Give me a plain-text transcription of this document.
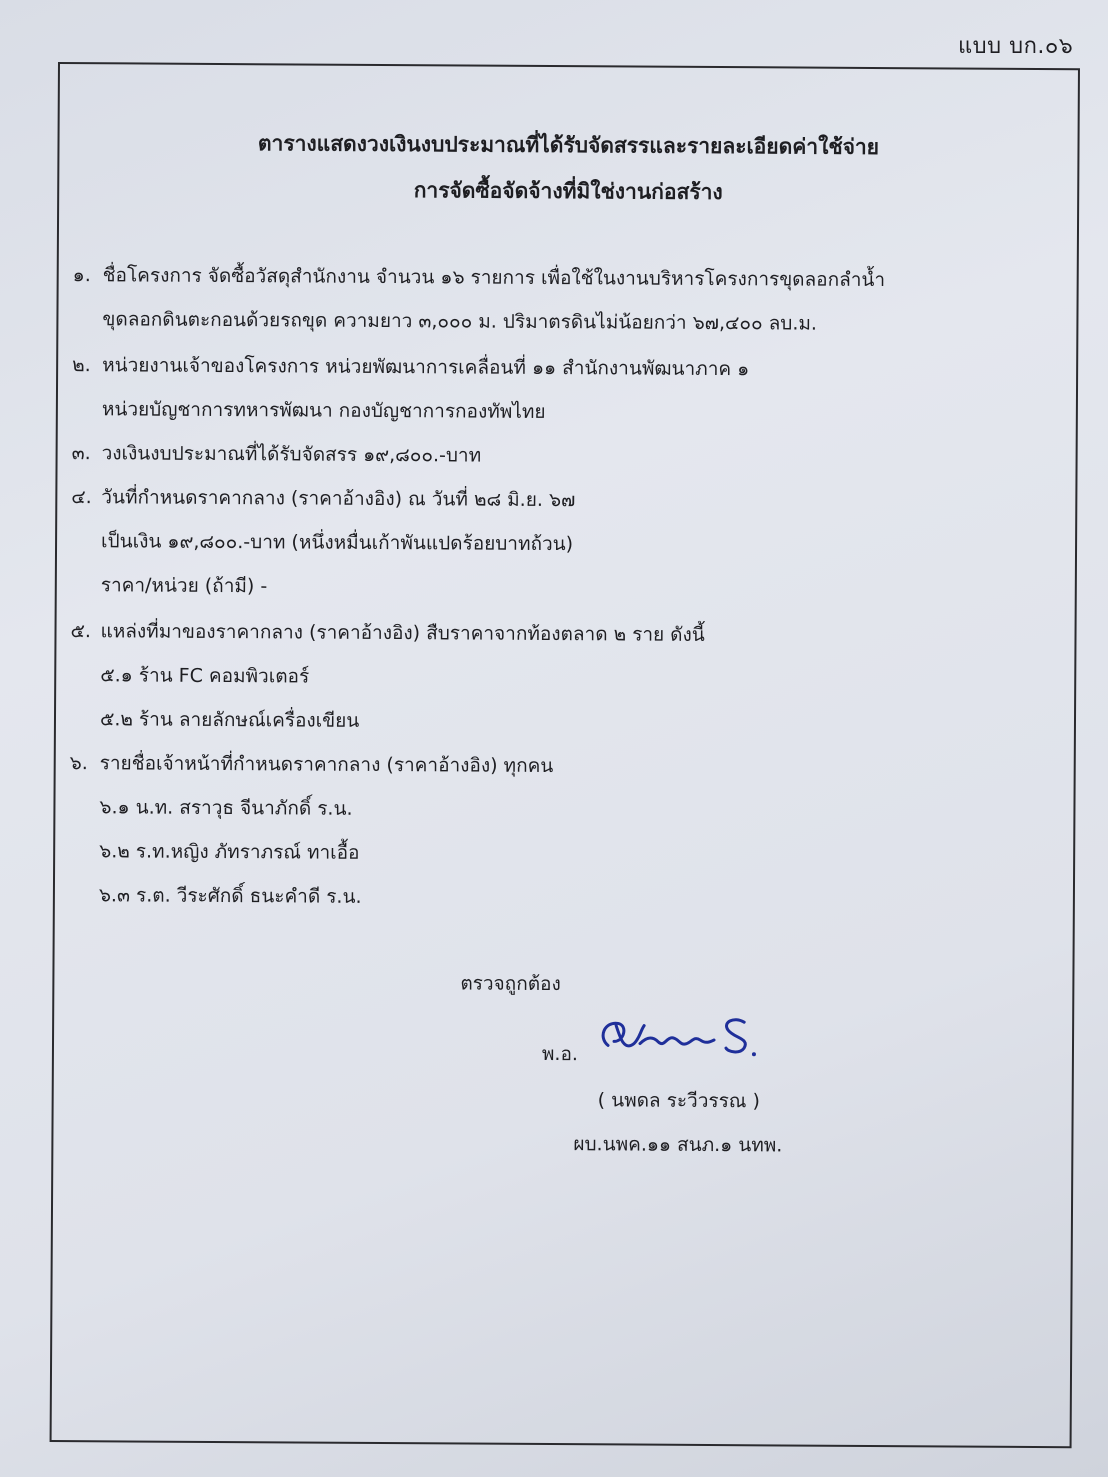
แบบ บก.๐๖
ตารางแสดงวงเงินงบประมาณที่ได้รับจัดสรรและรายละเอียดค่าใช้จ่าย
การจัดซื้อจัดจ้างที่มิใช่งานก่อสร้าง
๑. ชื่อโครงการ จัดซื้อวัสดุสำนักงาน จำนวน ๑๖ รายการ เพื่อใช้ในงานบริหารโครงการขุดลอกลำน้ำ
ขุดลอกดินตะกอนด้วยรถขุด ความยาว ๓,๐๐๐ ม. ปริมาตรดินไม่น้อยกว่า ๖๗,๔๐๐ ลบ.ม.
๒. หน่วยงานเจ้าของโครงการ หน่วยพัฒนาการเคลื่อนที่ ๑๑ สำนักงานพัฒนาภาค ๑
หน่วยบัญชาการทหารพัฒนา กองบัญชาการกองทัพไทย
๓. วงเงินงบประมาณที่ได้รับจัดสรร ๑๙,๘๐๐.-บาท
๔. วันที่กำหนดราคากลาง (ราคาอ้างอิง) ณ วันที่ ๒๘ มิ.ย. ๖๗
เป็นเงิน ๑๙,๘๐๐.-บาท (หนึ่งหมื่นเก้าพันแปดร้อยบาทถ้วน)
ราคา/หน่วย (ถ้ามี) -
๕. แหล่งที่มาของราคากลาง (ราคาอ้างอิง) สืบราคาจากท้องตลาด ๒ ราย ดังนี้
๕.๑ ร้าน FC คอมพิวเตอร์
๕.๒ ร้าน ลายลักษณ์เครื่องเขียน
๖. รายชื่อเจ้าหน้าที่กำหนดราคากลาง (ราคาอ้างอิง) ทุกคน
๖.๑ น.ท. สราวุธ จีนาภักดิ์ ร.น.
๖.๒ ร.ท.หญิง ภัทราภรณ์ ทาเอื้อ
๖.๓ ร.ต. วีระศักดิ์ ธนะคำดี ร.น.
ตรวจถูกต้อง
พ.อ.
( นพดล ระวีวรรณ )
ผบ.นพค.๑๑ สนภ.๑ นทพ.
